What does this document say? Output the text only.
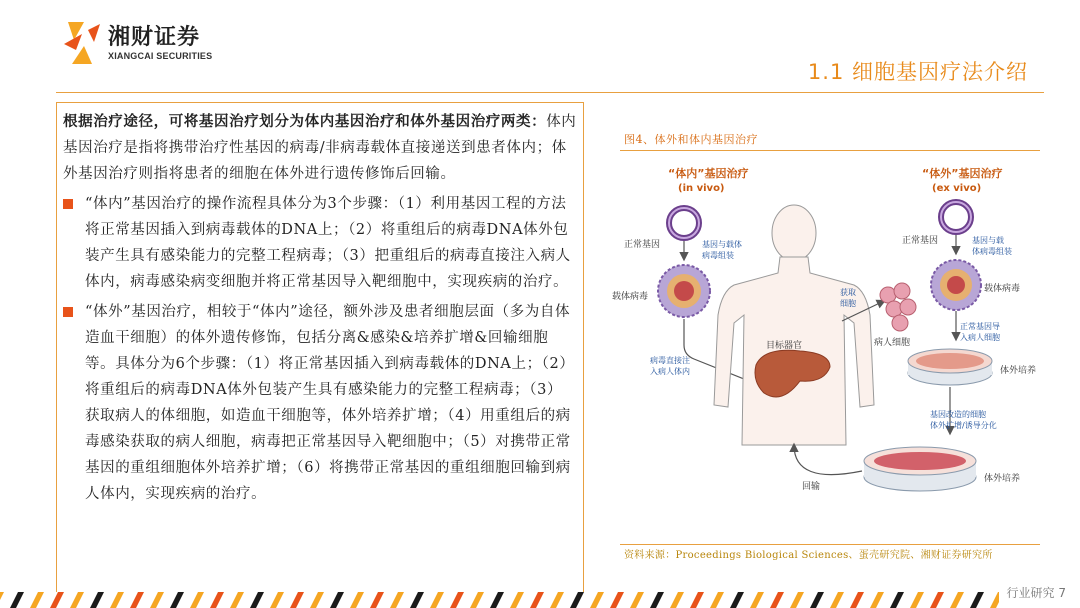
湘财证券
XIANGCAI SECURITIES
1.1 细胞基因疗法介绍
根据治疗途径，可将基因治疗划分为体内基因治疗和体外基因治疗两类：体内基因治疗是指将携带治疗性基因的病毒/非病毒载体直接递送到患者体内；体外基因治疗则指将患者的细胞在体外进行遗传修饰后回输。
“体内”基因治疗的操作流程具体分为3个步骤：（1）利用基因工程的方法将正常基因插入到病毒载体的DNA上；（2）将重组后的病毒DNA体外包装产生具有感染能力的完整工程病毒；（3）把重组后的病毒直接注入病人体内，病毒感染病变细胞并将正常基因导入靶细胞中，实现疾病的治疗。
“体外”基因治疗，相较于“体内”途径，额外涉及患者细胞层面（多为自体造血干细胞）的体外遗传修饰，包括分离&感染&培养扩增&回输细胞等。具体分为6个步骤：（1）将正常基因插入到病毒载体的DNA上；（2）将重组后的病毒DNA体外包装产生具有感染能力的完整工程病毒；（3）获取病人的体细胞，如造血干细胞等，体外培养扩增；（4）用重组后的病毒感染获取的病人细胞，病毒把正常基因导入靶细胞中；（5）对携带正常基因的重组细胞体外培养扩增；（6）将携带正常基因的重组细胞回输到病人体内，实现疾病的治疗。
图4、体外和体内基因治疗
“体内”基因治疗
(in vivo)
“体外”基因治疗
(ex vivo)
正常基因	基因与载体
病毒组装
载体病毒
病毒直接注
入病人体内
目标器官
获取
细胞
病人细胞
正常基因	基因与载
体病毒组装
载体病毒
正常基因导
入病人细胞
体外培养
基因改造的细胞
体外扩增/诱导分化
体外培养
回输
资料来源：Proceedings Biological Sciences、蛋壳研究院、湘财证券研究所
行业研究 7
